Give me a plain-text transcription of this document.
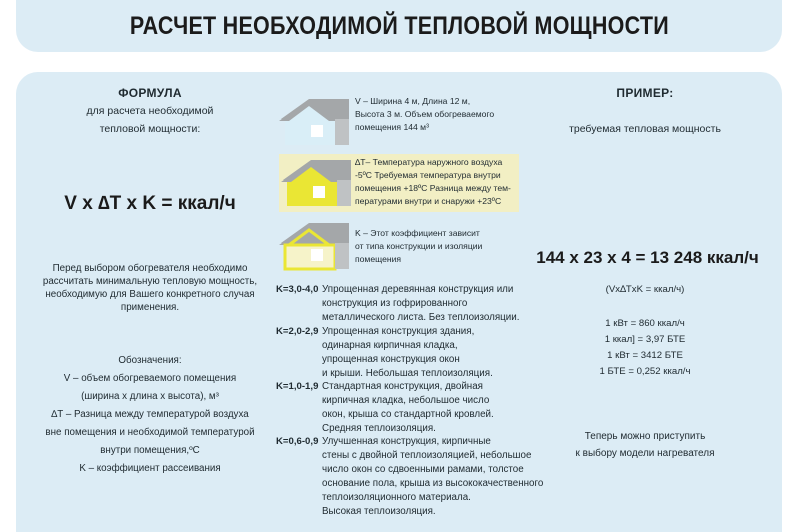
РАСЧЕТ НЕОБХОДИМОЙ ТЕПЛОВОЙ МОЩНОСТИ
ФОРМУЛА
для расчета необходимой
тепловой мощности:
V x ∆T x K = ккал/ч
Перед выбором обогревателя необходимо
рассчитать минимальную тепловую мощность,
необходимую для Вашего конкретного случая
применения.
Обозначения:
V – объем обогреваемого помещения
(ширина х длина х высота), м³
∆T – Разница между температурой воздуха
вне помещения и необходимой температурой
внутри помещения,ºC
K – коэффициент рассеивания
V – Ширина 4 м, Длина 12 м,
Высота 3 м. Объем обогреваемого
помещения 144 м³
∆T– Температура наружного воздуха
-5ºC Требуемая температура внутри
помещения +18ºC Разница между тем-
пературами внутри и снаружи +23ºC
K – Этот коэффициент зависит
от типа конструкции и изоляции
помещения
K=3,0-4,0 Упрощенная деревянная конструкция или
конструкция из гофрированного
металлического листа. Без теплоизоляции.
K=2,0-2,9 Упрощенная конструкция здания,
одинарная кирпичная кладка,
упрощенная конструкция окон
и крыши. Небольшая теплоизоляция.
K=1,0-1,9 Стандартная конструкция, двойная
кирпичная кладка, небольшое число
окон, крыша со стандартной кровлей.
Средняя теплоизоляция.
K=0,6-0,9 Улучшенная конструкция, кирпичные
стены с двойной теплоизоляцией, небольшое
число окон со сдвоенными рамами, толстое
основание пола, крыша из высококачественного
теплоизоляционного материала.
Высокая теплоизоляция.
ПРИМЕР:
требуемая тепловая мощность
144 x 23 x 4 = 13 248 ккал/ч
(Vx∆TxK = ккал/ч)
1 кВт = 860 ккал/ч
1 ккал] = 3,97 БТЕ
1 кВт = 3412 БТЕ
1 БТЕ = 0,252 ккал/ч
Теперь можно приступить
к выбору модели нагревателя
